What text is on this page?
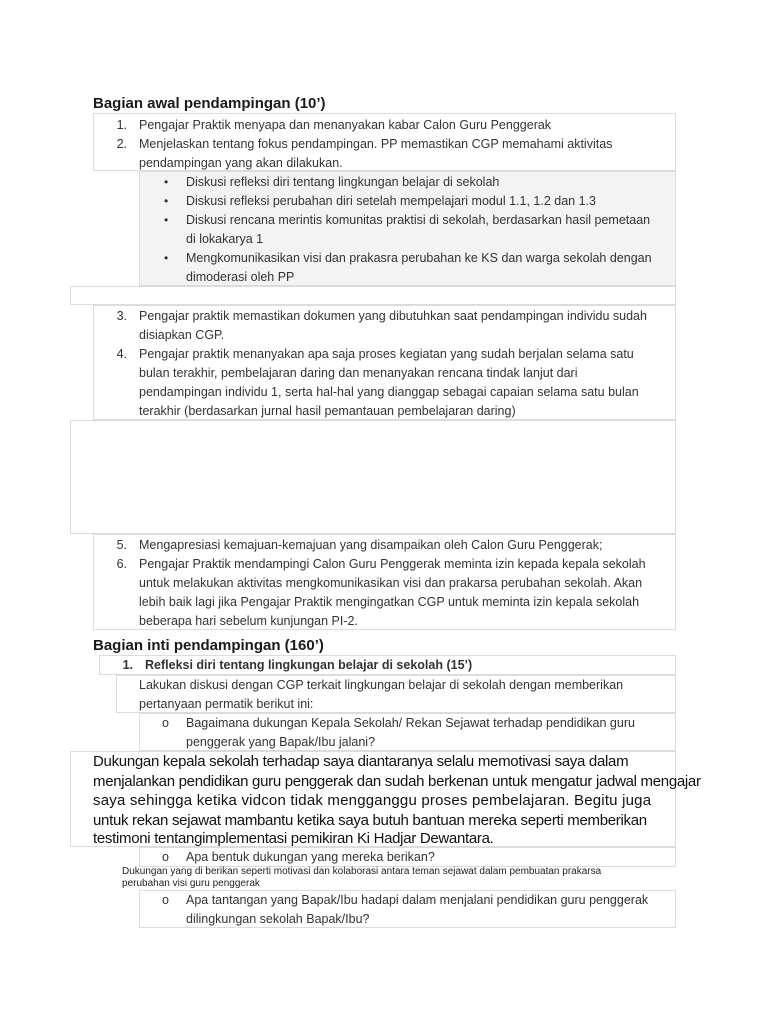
Bagian awal pendampingan (10’)
1. Pengajar Praktik menyapa dan menanyakan kabar Calon Guru Penggerak
2. Menjelaskan tentang fokus pendampingan. PP memastikan CGP memahami aktivitas
pendampingan yang akan dilakukan.
• Diskusi refleksi diri tentang lingkungan belajar di sekolah
• Diskusi refleksi perubahan diri setelah mempelajari modul 1.1, 1.2 dan 1.3
• Diskusi rencana merintis komunitas praktisi di sekolah, berdasarkan hasil pemetaan
di lokakarya 1
• Mengkomunikasikan visi dan prakasra perubahan ke KS dan warga sekolah dengan
dimoderasi oleh PP
3. Pengajar praktik memastikan dokumen yang dibutuhkan saat pendampingan individu sudah
disiapkan CGP.
4. Pengajar praktik menanyakan apa saja proses kegiatan yang sudah berjalan selama satu
bulan terakhir, pembelajaran daring dan menanyakan rencana tindak lanjut dari
pendampingan individu 1, serta hal-hal yang dianggap sebagai capaian selama satu bulan
terakhir (berdasarkan jurnal hasil pemantauan pembelajaran daring)
5. Mengapresiasi kemajuan-kemajuan yang disampaikan oleh Calon Guru Penggerak;
6. Pengajar Praktik mendampingi Calon Guru Penggerak meminta izin kepada kepala sekolah
untuk melakukan aktivitas mengkomunikasikan visi dan prakarsa perubahan sekolah. Akan
lebih baik lagi jika Pengajar Praktik mengingatkan CGP untuk meminta izin kepala sekolah
beberapa hari sebelum kunjungan PI-2.
Bagian inti pendampingan (160’)
1. Refleksi diri tentang lingkungan belajar di sekolah (15’)
Lakukan diskusi dengan CGP terkait lingkungan belajar di sekolah dengan memberikan
pertanyaan permatik berikut ini:
o Bagaimana dukungan Kepala Sekolah/ Rekan Sejawat terhadap pendidikan guru
penggerak yang Bapak/Ibu jalani?
Dukungan kepala sekolah terhadap saya diantaranya selalu memotivasi saya dalam
menjalankan pendidikan guru penggerak dan sudah berkenan untuk mengatur jadwal mengajar
saya sehingga ketika vidcon tidak mengganggu proses pembelajaran. Begitu juga
untuk rekan sejawat mambantu ketika saya butuh bantuan mereka seperti memberikan
testimoni tentangimplementasi pemikiran Ki Hadjar Dewantara.
o Apa bentuk dukungan yang mereka berikan?
Dukungan yang di berikan seperti motivasi dan kolaborasi antara teman sejawat dalam pembuatan prakarsa
perubahan visi guru penggerak
o Apa tantangan yang Bapak/Ibu hadapi dalam menjalani pendidikan guru penggerak
dilingkungan sekolah Bapak/Ibu?
